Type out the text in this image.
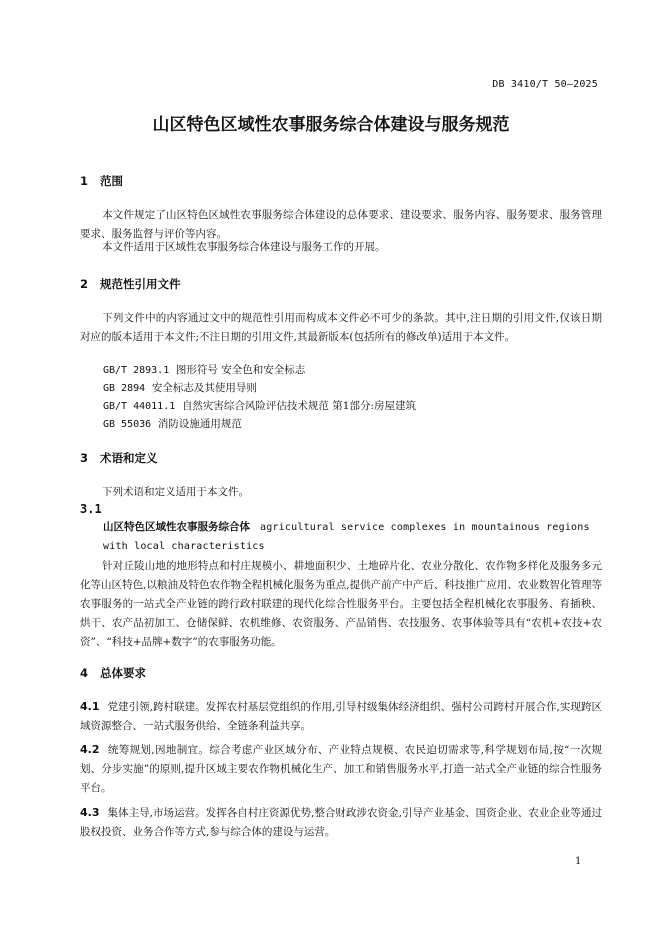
DB 3410/T 50—2025
山区特色区域性农事服务综合体建设与服务规范
1 范围
本文件规定了山区特色区域性农事服务综合体建设的总体要求、建设要求、服务内容、服务要求、服务管理要求、服务监督与评价等内容。
本文件适用于区域性农事服务综合体建设与服务工作的开展。
2 规范性引用文件
下列文件中的内容通过文中的规范性引用而构成本文件必不可少的条款。其中,注日期的引用文件,仅该日期对应的版本适用于本文件;不注日期的引用文件,其最新版本(包括所有的修改单)适用于本文件。
GB/T 2893.1 图形符号 安全色和安全标志
GB 2894 安全标志及其使用导则
GB/T 44011.1 自然灾害综合风险评估技术规范 第1部分:房屋建筑
GB 55036 消防设施通用规范
3 术语和定义
下列术语和定义适用于本文件。
3.1
山区特色区域性农事服务综合体 agricultural service complexes in mountainous regions with local characteristics
针对丘陵山地的地形特点和村庄规模小、耕地面积少、土地碎片化、农业分散化、农作物多样化及服务多元化等山区特色,以粮油及特色农作物全程机械化服务为重点,提供产前产中产后、科技推广应用、农业数智化管理等农事服务的一站式全产业链的跨行政村联建的现代化综合性服务平台。主要包括全程机械化农事服务、育插秧、烘干、农产品初加工、仓储保鲜、农机维修、农资服务、产品销售、农技服务、农事体验等具有“农机+农技+农资”、“科技+品牌+数字”的农事服务功能。
4 总体要求
4.1 党建引领,跨村联建。发挥农村基层党组织的作用,引导村级集体经济组织、强村公司跨村开展合作,实现跨区域资源整合、一站式服务供给、全链条利益共享。
4.2 统筹规划,因地制宜。综合考虑产业区域分布、产业特点规模、农民迫切需求等,科学规划布局,按“一次规划、分步实施”的原则,提升区域主要农作物机械化生产、加工和销售服务水平,打造一站式全产业链的综合性服务平台。
4.3 集体主导,市场运营。发挥各自村庄资源优势,整合财政涉农资金,引导产业基金、国资企业、农业企业等通过股权投资、业务合作等方式,参与综合体的建设与运营。
1
